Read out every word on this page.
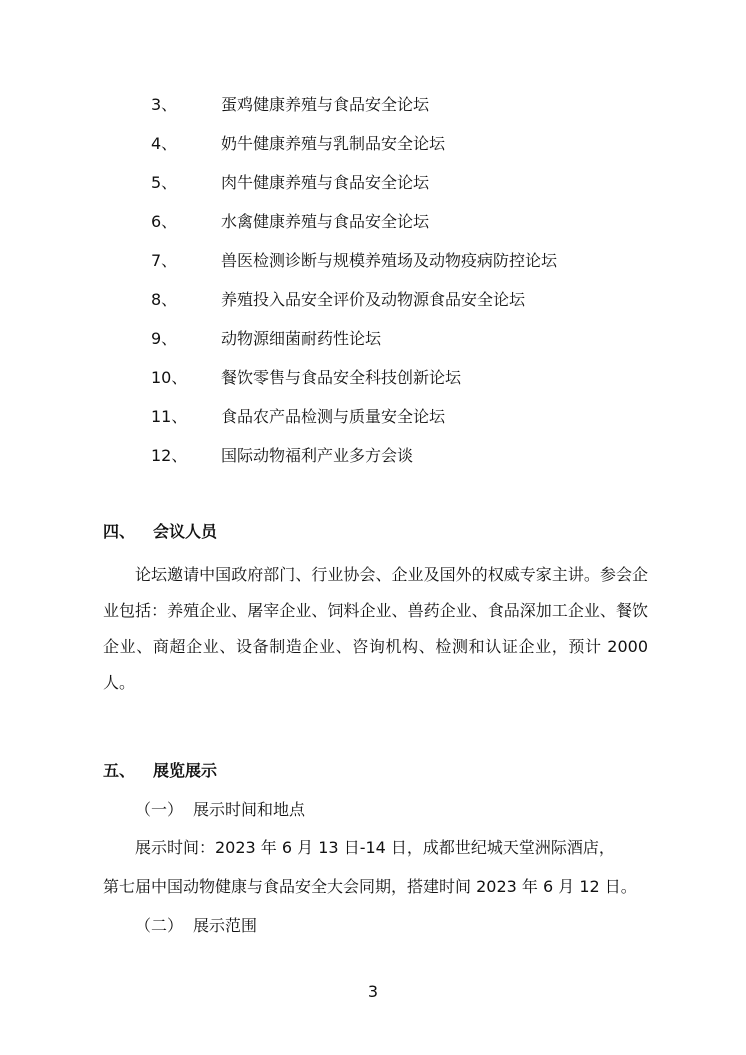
3、	蛋鸡健康养殖与食品安全论坛
4、	奶牛健康养殖与乳制品安全论坛
5、	肉牛健康养殖与食品安全论坛
6、	水禽健康养殖与食品安全论坛
7、	兽医检测诊断与规模养殖场及动物疫病防控论坛
8、	养殖投入品安全评价及动物源食品安全论坛
9、	动物源细菌耐药性论坛
10、 餐饮零售与食品安全科技创新论坛
11、 食品农产品检测与质量安全论坛
12、 国际动物福利产业多方会谈
四、 会议人员
论坛邀请中国政府部门、行业协会、企业及国外的权威专家主讲。参会企业包括：养殖企业、屠宰企业、饲料企业、兽药企业、食品深加工企业、餐饮企业、商超企业、设备制造企业、咨询机构、检测和认证企业，预计 2000 人。
五、 展览展示
（一） 展示时间和地点
展示时间：2023 年 6 月 13 日-14 日，成都世纪城天堂洲际酒店，
第七届中国动物健康与食品安全大会同期，搭建时间 2023 年 6 月 12 日。
（二） 展示范围
3
